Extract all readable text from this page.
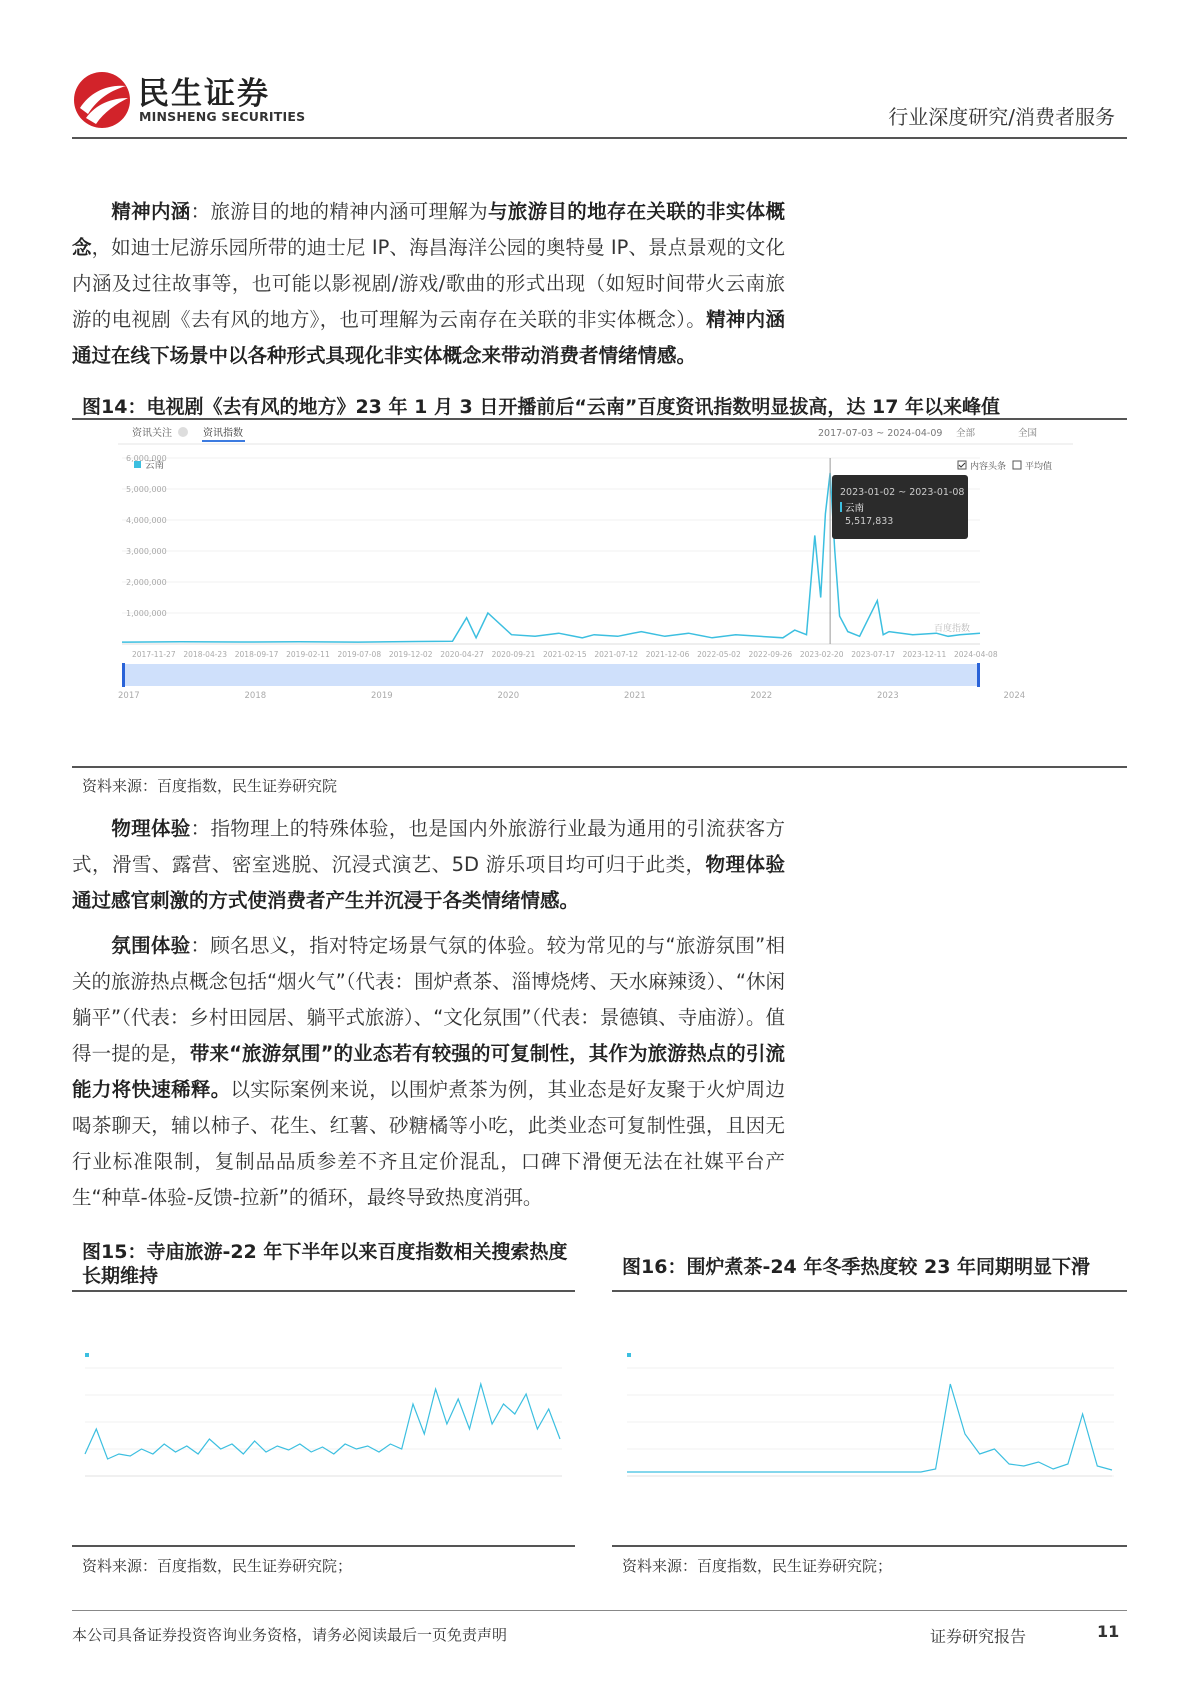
民生证券
MINSHENG SECURITIES	行业深度研究/消费者服务
精神内涵：旅游目的地的精神内涵可理解为与旅游目的地存在关联的非实体概念，如迪士尼游乐园所带的迪士尼 IP、海昌海洋公园的奥特曼 IP、景点景观的文化内涵及过往故事等，也可能以影视剧/游戏/歌曲的形式出现（如短时间带火云南旅游的电视剧《去有风的地方》，也可理解为云南存在关联的非实体概念）。精神内涵通过在线下场景中以各种形式具现化非实体概念来带动消费者情绪情感。
图14：电视剧《去有风的地方》23 年 1 月 3 日开播前后“云南”百度资讯指数明显拔高，达 17 年以来峰值
资讯关注	资讯指数	2017-07-03 ~ 2024-04-09 全部	全国
云南	内容头条 平均值
6,000,000
5,000,000
4,000,000
3,000,000
2,000,000
1,000,000
2017-11-27 2018-04-23 2018-09-17 2019-02-11 2019-07-08 2019-12-02 2020-04-27 2020-09-21 2021-02-15 2021-07-12 2021-12-06 2022-05-02 2022-09-26 2023-02-20 2023-07-17 2023-12-11 2024-04-08
2023-01-02 ~ 2023-01-08
云南
5,517,833
百度指数
2017	2018	2019	2020	2021	2022	2023	2024
资料来源：百度指数，民生证券研究院
物理体验：指物理上的特殊体验，也是国内外旅游行业最为通用的引流获客方式，滑雪、露营、密室逃脱、沉浸式演艺、5D 游乐项目均可归于此类，物理体验通过感官刺激的方式使消费者产生并沉浸于各类情绪情感。
氛围体验：顾名思义，指对特定场景气氛的体验。较为常见的与“旅游氛围”相关的旅游热点概念包括“烟火气”（代表：围炉煮茶、淄博烧烤、天水麻辣烫）、“休闲躺平”（代表：乡村田园居、躺平式旅游）、“文化氛围”（代表：景德镇、寺庙游）。值得一提的是，带来“旅游氛围”的业态若有较强的可复制性，其作为旅游热点的引流能力将快速稀释。以实际案例来说，以围炉煮茶为例，其业态是好友聚于火炉周边喝茶聊天，辅以柿子、花生、红薯、砂糖橘等小吃，此类业态可复制性强，且因无行业标准限制，复制品品质参差不齐且定价混乱，口碑下滑便无法在社媒平台产生“种草-体验-反馈-拉新”的循环，最终导致热度消弭。
图15：寺庙旅游-22 年下半年以来百度指数相关搜索热度长期维持
资料来源：百度指数，民生证券研究院；
图16：围炉煮茶-24 年冬季热度较 23 年同期明显下滑
资料来源：百度指数，民生证券研究院；
本公司具备证券投资咨询业务资格，请务必阅读最后一页免责声明	证券研究报告	11
